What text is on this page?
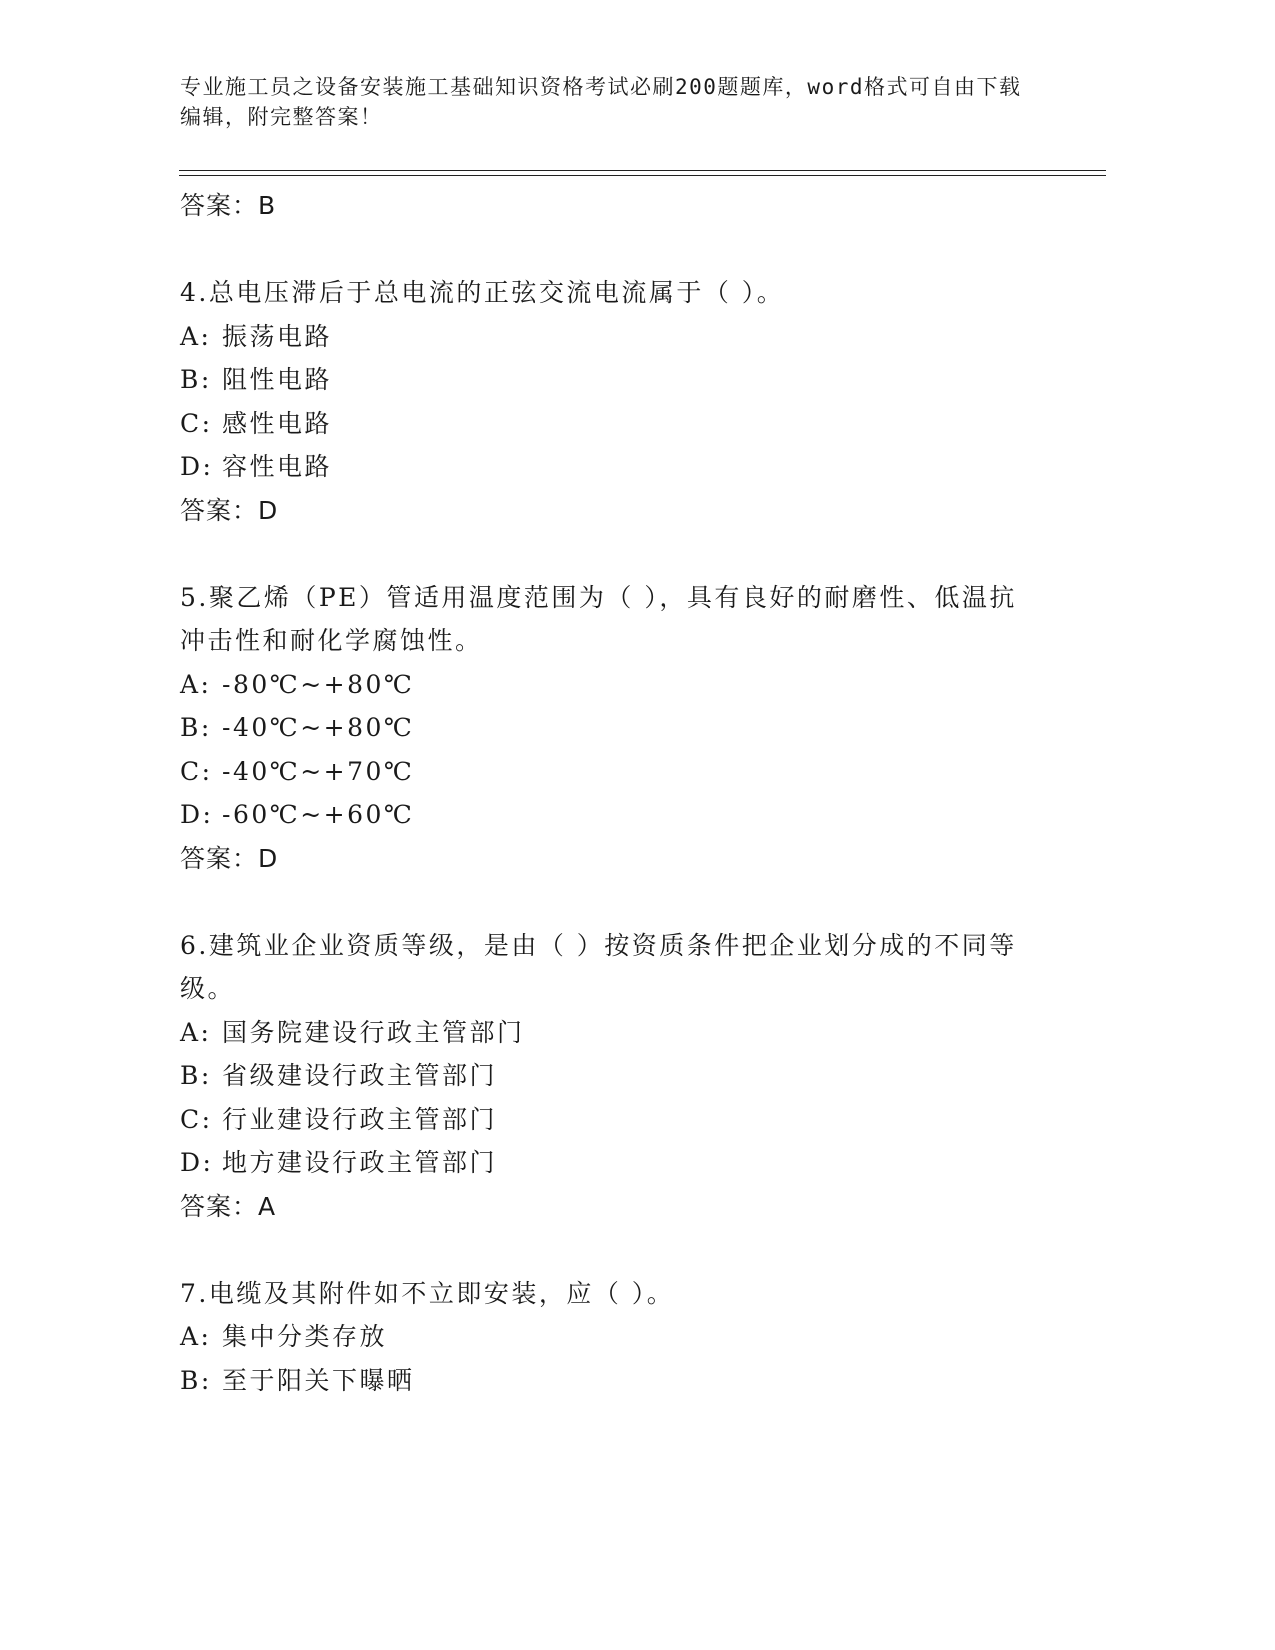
专业施工员之设备安装施工基础知识资格考试必刷200题题库，word格式可自由下载编辑，附完整答案！
答案：B
4.总电压滞后于总电流的正弦交流电流属于（ ）。
A: 振荡电路
B: 阻性电路
C: 感性电路
D: 容性电路
答案：D
5.聚乙烯（PE）管适用温度范围为（ ），具有良好的耐磨性、低温抗冲击性和耐化学腐蚀性。
A: -80℃~+80℃
B: -40℃~+80℃
C: -40℃~+70℃
D: -60℃~+60℃
答案：D
6.建筑业企业资质等级，是由（ ）按资质条件把企业划分成的不同等级。
A: 国务院建设行政主管部门
B: 省级建设行政主管部门
C: 行业建设行政主管部门
D: 地方建设行政主管部门
答案：A
7.电缆及其附件如不立即安装，应（ ）。
A: 集中分类存放
B: 至于阳关下曝晒
